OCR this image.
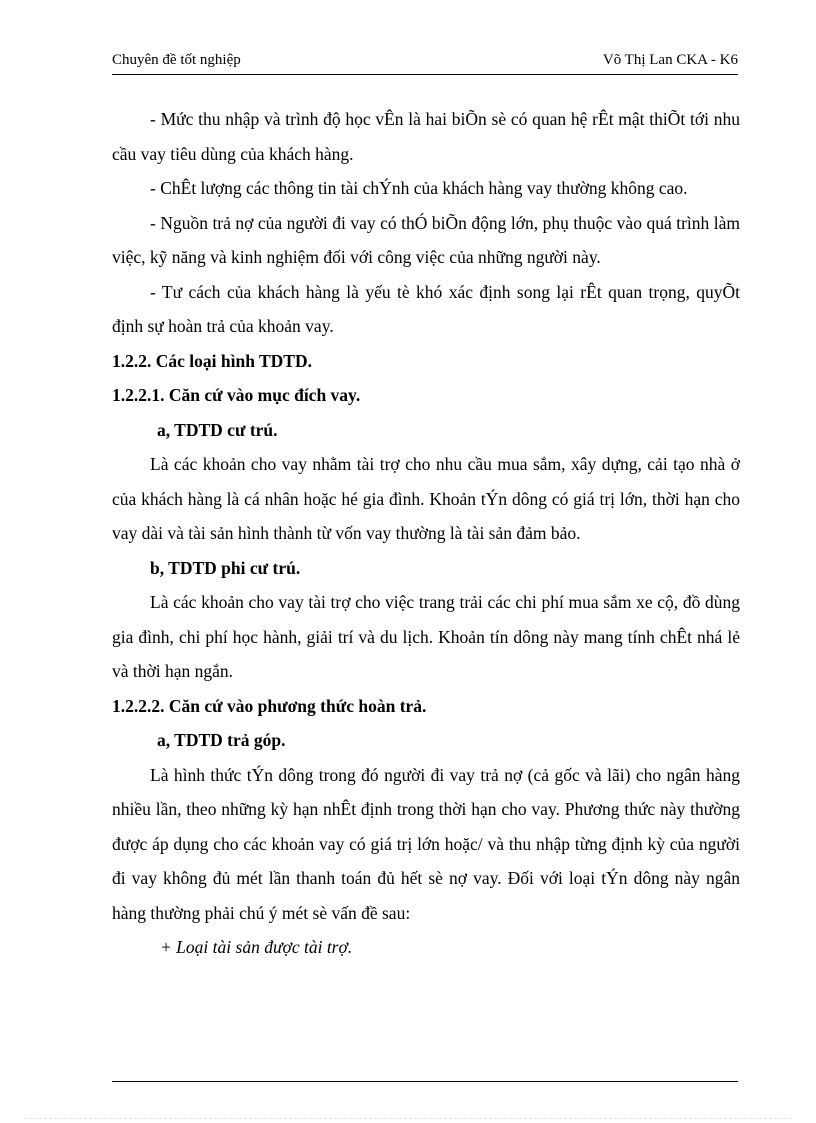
Chuyên đề tốt nghiệp	Võ Thị Lan CKA - K6

- Mức thu nhập và trình độ học vÊn là hai biÕn sè có quan hệ rÊt mật thiÕt tới nhu cầu vay tiêu dùng của khách hàng.

- ChÊt lượng các thông tin tài chÝnh của khách hàng vay thường không cao.

- Nguồn trả nợ của người đi vay có thÓ biÕn động lớn, phụ thuộc vào quá trình làm việc, kỹ năng và kinh nghiệm đối với công việc của những người này.

- Tư cách của khách hàng là yếu tè khó xác định song lại rÊt quan trọng, quyÕt định sự hoàn trả của khoản vay.

1.2.2. Các loại hình TDTD.

1.2.2.1. Căn cứ vào mục đích vay.

a, TDTD cư trú.

Là các khoản cho vay nhằm tài trợ cho nhu cầu mua sắm, xây dựng, cải tạo nhà ở của khách hàng là cá nhân hoặc hé gia đình. Khoản tÝn dông có giá trị lớn, thời hạn cho vay dài và tài sản hình thành từ vốn vay thường là tài sản đảm bảo.

b, TDTD phi cư trú.

Là các khoản cho vay tài trợ cho việc trang trải các chi phí mua sắm xe cộ, đồ dùng gia đình, chi phí học hành, giải trí và du lịch. Khoản tín dông này mang tính chÊt nhá lẻ và thời hạn ngắn.

1.2.2.2. Căn cứ vào phương thức hoàn trả.

a, TDTD trả góp.

Là hình thức tÝn dông trong đó người đi vay trả nợ (cả gốc và lãi) cho ngân hàng nhiều lần, theo những kỳ hạn nhÊt định trong thời hạn cho vay. Phương thức này thường được áp dụng cho các khoản vay có giá trị lớn hoặc/ và thu nhập từng định kỳ của người đi vay không đủ mét lần thanh toán đủ hết sè nợ vay. Đối với loại tÝn dông này ngân hàng thường phải chú ý mét sè vấn đề sau:

+ Loại tài sản được tài trợ.
